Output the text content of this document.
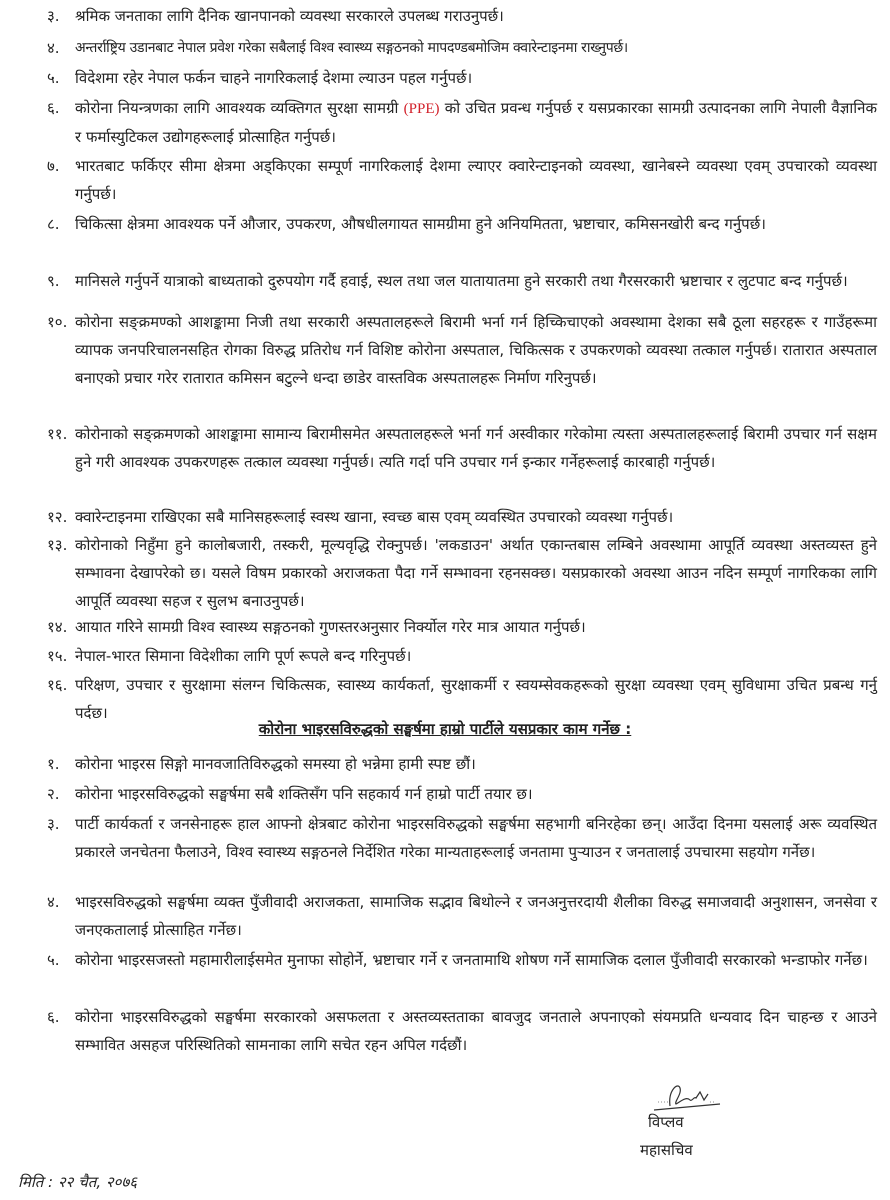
३.	श्रमिक जनताका लागि दैनिक खानपानको व्यवस्था सरकारले उपलब्ध गराउनुपर्छ।
४.	अन्तर्राष्ट्रिय उडानबाट नेपाल प्रवेश गरेका सबैलाई विश्व स्वास्थ्य सङ्गठनको मापदण्डबमोजिम क्वारेन्टाइनमा राख्नुपर्छ।
५.	विदेशमा रहेर नेपाल फर्कन चाहने नागरिकलाई देशमा ल्याउन पहल गर्नुपर्छ।
६.	कोरोना नियन्त्रणका लागि आवश्यक व्यक्तिगत सुरक्षा सामग्री (PPE) को उचित प्रवन्ध गर्नुपर्छ र यसप्रकारका सामग्री उत्पादनका लागि नेपाली वैज्ञानिक र फर्मास्युटिकल उद्योगहरूलाई प्रोत्साहित गर्नुपर्छ।
७.	भारतबाट फर्किएर सीमा क्षेत्रमा अड्किएका सम्पूर्ण नागरिकलाई देशमा ल्याएर क्वारेन्टाइनको व्यवस्था, खानेबस्ने व्यवस्था एवम् उपचारको व्यवस्था गर्नुपर्छ।
८.	चिकित्सा क्षेत्रमा आवश्यक पर्ने औजार, उपकरण, औषधीलगायत सामग्रीमा हुने अनियमितता, भ्रष्टाचार, कमिसनखोरी बन्द गर्नुपर्छ।
९.	मानिसले गर्नुपर्ने यात्राको बाध्यताको दुरुपयोग गर्दै हवाई, स्थल तथा जल यातायातमा हुने सरकारी तथा गैरसरकारी भ्रष्टाचार र लुटपाट बन्द गर्नुपर्छ।
१०. कोरोना सङ्क्रमण्को आशङ्कामा निजी तथा सरकारी अस्पतालहरूले बिरामी भर्ना गर्न हिच्किचाएको अवस्थामा देशका सबै ठूला सहरहरू र गाउँहरूमा व्यापक जनपरिचालनसहित रोगका विरुद्ध प्रतिरोध गर्न विशिष्ट कोरोना अस्पताल, चिकित्सक र उपकरणको व्यवस्था तत्काल गर्नुपर्छ। रातारात अस्पताल बनाएको प्रचार गरेर रातारात कमिसन बटुल्ने धन्दा छाडेर वास्तविक अस्पतालहरू निर्माण गरिनुपर्छ।
११. कोरोनाको सङ्क्रमणको आशङ्कामा सामान्य बिरामीसमेत अस्पतालहरूले भर्ना गर्न अस्वीकार गरेकोमा त्यस्ता अस्पतालहरूलाई बिरामी उपचार गर्न सक्षम हुने गरी आवश्यक उपकरणहरू तत्काल व्यवस्था गर्नुपर्छ। त्यति गर्दा पनि उपचार गर्न इन्कार गर्नेहरूलाई कारबाही गर्नुपर्छ।
१२. क्वारेन्टाइनमा राखिएका सबै मानिसहरूलाई स्वस्थ खाना, स्वच्छ बास एवम् व्यवस्थित उपचारको व्यवस्था गर्नुपर्छ।
१३. कोरोनाको निहुँमा हुने कालोबजारी, तस्करी, मूल्यवृद्धि रोक्नुपर्छ। 'लकडाउन' अर्थात एकान्तबास लम्बिने अवस्थामा आपूर्ति व्यवस्था अस्तव्यस्त हुने सम्भावना देखापरेको छ। यसले विषम प्रकारको अराजकता पैदा गर्ने सम्भावना रहनसक्छ। यसप्रकारको अवस्था आउन नदिन सम्पूर्ण नागरिकका लागि आपूर्ति व्यवस्था सहज र सुलभ बनाउनुपर्छ।
१४. आयात गरिने सामग्री विश्व स्वास्थ्य सङ्गठनको गुणस्तरअनुसार निर्क्योल गरेर मात्र आयात गर्नुपर्छ।
१५. नेपाल-भारत सिमाना विदेशीका लागि पूर्ण रूपले बन्द गरिनुपर्छ।
१६. परिक्षण, उपचार र सुरक्षामा संलग्न चिकित्सक, स्वास्थ्य कार्यकर्ता, सुरक्षाकर्मी र स्वयम्सेवकहरूको सुरक्षा व्यवस्था एवम् सुविधामा उचित प्रबन्ध गर्नु पर्दछ।
कोरोना भाइरसविरुद्धको सङ्घर्षमा हाम्रो पार्टीले यसप्रकार काम गर्नेछ :
१.	कोरोना भाइरस सिङ्गो मानवजातिविरुद्धको समस्या हो भन्नेमा हामी स्पष्ट छौं।
२.	कोरोना भाइरसविरुद्धको सङ्घर्षमा सबै शक्तिसँग पनि सहकार्य गर्न हाम्रो पार्टी तयार छ।
३.	पार्टी कार्यकर्ता र जनसेनाहरू हाल आफ्नो क्षेत्रबाट कोरोना भाइरसविरुद्धको सङ्घर्षमा सहभागी बनिरहेका छन्। आउँदा दिनमा यसलाई अरू व्यवस्थित प्रकारले जनचेतना फैलाउने, विश्व स्वास्थ्य सङ्गठनले निर्देशित गरेका मान्यताहरूलाई जनतामा पुऱ्याउन र जनतालाई उपचारमा सहयोग गर्नेछ।
४.	भाइरसविरुद्धको सङ्घर्षमा व्यक्त पुँजीवादी अराजकता, सामाजिक सद्भाव बिथोल्ने र जनअनुत्तरदायी शैलीका विरुद्ध समाजवादी अनुशासन, जनसेवा र जनएकतालाई प्रोत्साहित गर्नेछ।
५.	कोरोना भाइरसजस्तो महामारीलाईसमेत मुनाफा सोहोर्ने, भ्रष्टाचार गर्ने र जनतामाथि शोषण गर्ने सामाजिक दलाल पुँजीवादी सरकारको भन्डाफोर गर्नेछ।
६.	कोरोना भाइरसविरुद्धको सङ्घर्षमा सरकारको असफलता र अस्तव्यस्तताका बावजुद जनताले अपनाएको संयमप्रति धन्यवाद दिन चाहन्छ र आउने सम्भावित असहज परिस्थितिको सामनाका लागि सचेत रहन अपिल गर्दछौं।
विप्लव
महासचिव
मिति : २२ चैत, २०७६
